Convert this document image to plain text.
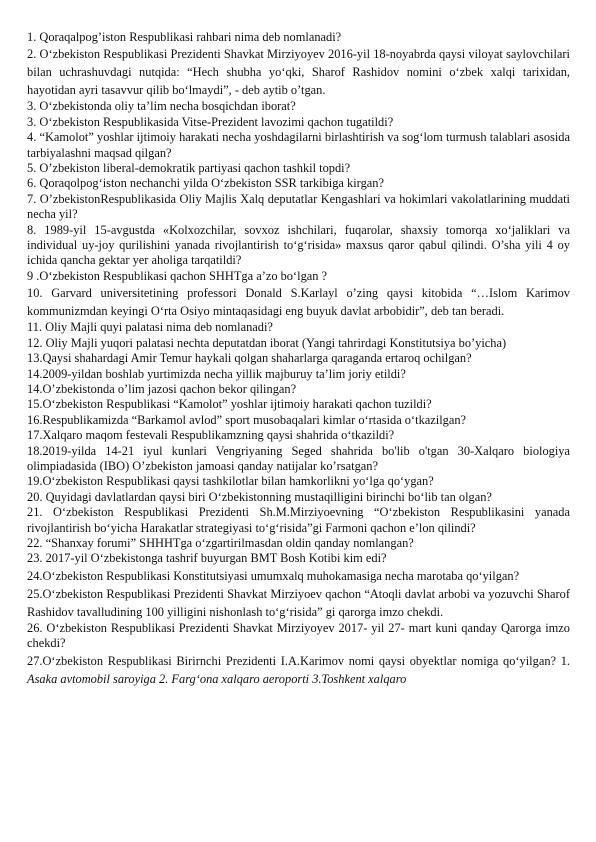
1. Qoraqalpog’iston Respublikasi rahbari nima deb nomlanadi?

2. O‘zbekiston Respublikasi Prezidenti Shavkat Mirziyoyev 2016-yil 18-noyabrda qaysi viloyat saylovchilari bilan uchrashuvdagi nutqida: “Hech shubha yo‘qki, Sharof Rashidov nomini o‘zbek xalqi tarixidan, hayotidan ayri tasavvur qilib bo‘lmaydi”, - deb aytib o’tgan.

3. O‘zbekistonda oliy ta’lim necha bosqichdan iborat?

3. O‘zbekiston Respublikasida Vitse-Prezident lavozimi qachon tugatildi?

4. “Kamolot” yoshlar ijtimoiy harakati necha yoshdagilarni birlashtirish va sog‘lom turmush talablari asosida tarbiyalashni maqsad qilgan?

5. O’zbekiston liberal-demokratik partiyasi qachon tashkil topdi?

6. Qoraqolpog‘iston nechanchi yilda O‘zbekiston SSR tarkibiga kirgan?

7. O’zbekistonRespublikasida Oliy Majlis Xalq deputatlar Kengashlari va hokimlari vakolatlarining muddati necha yil?

8. 1989-yil 15-avgustda «Kolxozchilar, sovxoz ishchilari, fuqarolar, shaxsiy tomorqa xo‘jaliklari va individual uy-joy qurilishini yanada rivojlantirish to‘g‘risida» maxsus qaror qabul qilindi. O’sha yili 4 oy ichida qancha gektar yer aholiga tarqatildi?

9 .O‘zbekiston Respublikasi qachon SHHTga a’zo bo‘lgan ?

10. Garvard universitetining professori Donald S.Karlayl o’zing qaysi kitobida “…Islom Karimov kommunizmdan keyingi O‘rta Osiyo mintaqasidagi eng buyuk davlat arbobidir”, deb tan beradi.

11. Oliy Majli quyi palatasi nima deb nomlanadi?

12. Oliy Majli yuqori palatasi nechta deputatdan iborat (Yangi tahrirdagi Konstitutsiya bo’yicha)

13.Qaysi shahardagi Amir Temur haykali qolgan shaharlarga qaraganda ertaroq ochilgan?

14.2009-yildan boshlab yurtimizda necha yillik majburuy ta’lim joriy etildi?

14.O’zbekistonda o’lim jazosi qachon bekor qilingan?

15.O‘zbekiston Respublikasi “Kamolot” yoshlar ijtimoiy harakati qachon tuzildi?

16.Respublikamizda “Barkamol avlod” sport musobaqalari kimlar o‘rtasida o‘tkazilgan?

17.Xalqaro maqom festevali Respublikamzning qaysi shahrida o‘tkazildi?

18.2019-yilda 14-21 iyul kunlari Vengriyaning Seged shahrida bo'lib o'tgan 30-Xalqaro biologiya olimpiadasida (IBO) O’zbekiston jamoasi qanday natijalar ko’rsatgan?

19.O‘zbekiston Respublikasi qaysi tashkilotlar bilan hamkorlikni yo‘lga qo‘ygan?

20. Quyidagi davlatlardan qaysi biri O‘zbekistonning mustaqilligini birinchi bo‘lib tan olgan?

21. O‘zbekiston Respublikasi Prezidenti Sh.M.Mirziyoevning “O‘zbekiston Respublikasini yanada rivojlantirish bo‘yicha Harakatlar strategiyasi to‘g‘risida”gi Farmoni qachon e’lon qilindi?

22. “Shanxay forumi” SHHHTga o‘zgartirilmasdan oldin qanday nomlangan?

23. 2017-yil O‘zbekistonga tashrif buyurgan BMT Bosh Kotibi kim edi?

24.O‘zbekiston Respublikasi Konstitutsiyasi umumxalq muhokamasiga necha marotaba qo‘yilgan?

25.O‘zbekiston Respublikasi Prezidenti Shavkat Mirziyoev qachon “Atoqli davlat arbobi va yozuvchi Sharof Rashidov tavalludining 100 yilligini nishonlash to‘g‘risida” gi qarorga imzo chekdi.

26. O‘zbekiston Respublikasi Prezidenti Shavkat Mirziyoyev 2017- yil 27- mart kuni qanday Qarorga imzo chekdi?

27.O‘zbekiston Respublikasi Birirnchi Prezidenti I.A.Karimov nomi qaysi obyektlar nomiga qo‘yilgan? 1. Asaka avtomobil saroyiga 2. Farg‘ona xalqaro aeroporti 3.Toshkent xalqaro
